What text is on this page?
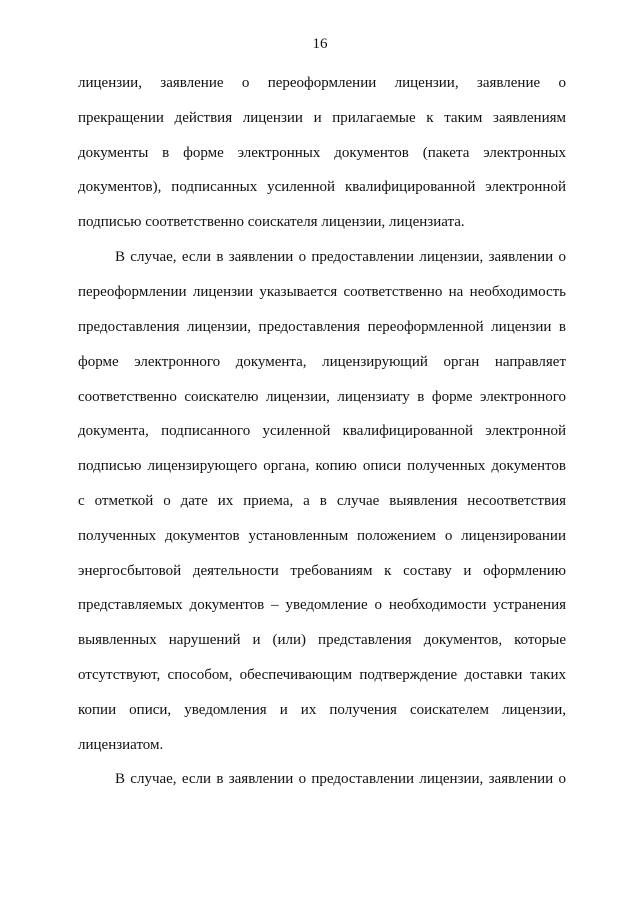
16
лицензии, заявление о переоформлении лицензии, заявление о
прекращении действия лицензии и прилагаемые к таким заявлениям
документы в форме электронных документов (пакета электронных
документов), подписанных усиленной квалифицированной электронной
подписью соответственно соискателя лицензии, лицензиата.
В случае, если в заявлении о предоставлении лицензии, заявлении о
переоформлении лицензии указывается соответственно на необходимость
предоставления лицензии, предоставления переоформленной лицензии в
форме электронного документа, лицензирующий орган направляет
соответственно соискателю лицензии, лицензиату в форме электронного
документа, подписанного усиленной квалифицированной электронной
подписью лицензирующего органа, копию описи полученных документов
с отметкой о дате их приема, а в случае выявления несоответствия
полученных документов установленным положением о лицензировании
энергосбытовой деятельности требованиям к составу и оформлению
представляемых документов – уведомление о необходимости устранения
выявленных нарушений и (или) представления документов, которые
отсутствуют, способом, обеспечивающим подтверждение доставки таких
копии описи, уведомления и их получения соискателем лицензии,
лицензиатом.
В случае, если в заявлении о предоставлении лицензии, заявлении о
